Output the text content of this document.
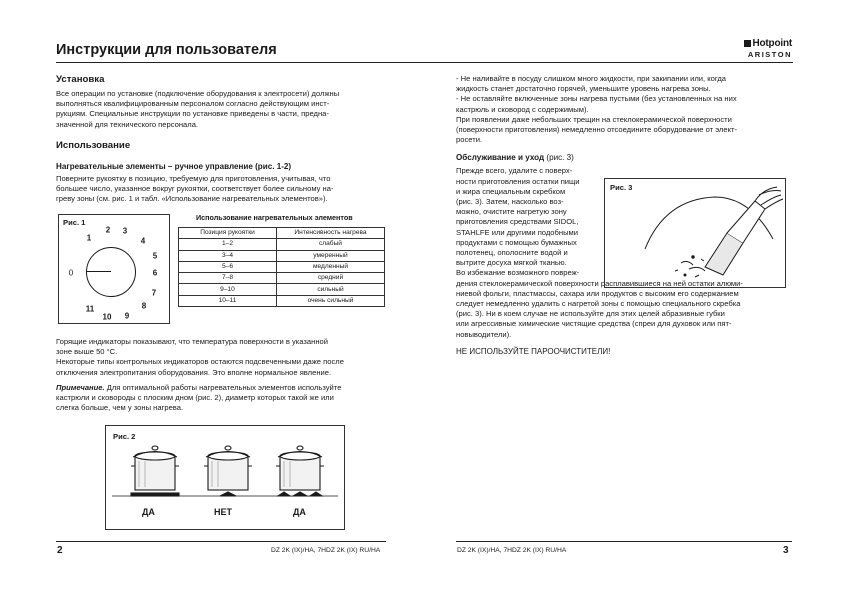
Инструкции для пользователя	Hotpoint
ARISTON
Установка

Все операции по установке (подключение оборудования к электросети) должны

выполняться квалифицированным персоналом согласно действующим инст-

рукциям. Специальные инструкции по установке приведены в части, предна-

значенной для технического персонала.

Использование
Нагревательные элементы – ручное управление (рис. 1-2)

Поверните рукоятку в позицию, требуемую для приготовления, учитывая, что

большее число, указанное вокруг рукоятки, соответствует более сильному на-

греву зоны (см. рис. 1 и табл. «Использование нагревательных элементов»).

Рис. 1
0
1
2 3
4
5
6
7
8
9
10
11
Использование нагревательных элементов
Позиция рукоятки	Интенсивность нагрева
1–2	слабый
3–4	умеренный
5–6	медленный
7–8	средний
9–10	сильный
10–11	очень сильный

Горящие индикаторы показывают, что температура поверхности в указанной

зоне выше 50 °C.

Некоторые типы контрольных индикаторов остаются подсвеченными даже после

отключения электропитания оборудования. Это вполне нормальное явление.

Примечание. Для оптимальной работы нагревательных элементов используйте

кастрюли и сковороды с плоским дном (рис. 2), диаметр которых такой же или

слегка больше, чем у зоны нагрева.

Рис. 2
ДА	НЕТ	ДА
2	DZ 2K (IX)/HA, 7HDZ 2K (IX) RU/HA

- Не наливайте в посуду слишком много жидкости, при закипании или, когда

жидкость станет достаточно горячей, уменьшите уровень нагрева зоны.

- Не оставляйте включенные зоны нагрева пустыми (без установленных на них

кастрюль и сковород с содержимым).

При появлении даже небольших трещин на стеклокерамической поверхности

(поверхности приготовления) немедленно отсоедините оборудование от элект-

росети.

Обслуживание и уход (рис. 3)

Прежде всего, удалите с поверх-

ности приготовления остатки пищи

и жира специальным скребком

(рис. 3). Затем, насколько воз-

можно, очистите нагретую зону

приготовления средствами SIDOL,

STAHLFE или другими подобными

продуктами с помощью бумажных

полотенец, ополосните водой и

вытрите досуха мягкой тканью.

Во избежание возможного повреж-

дения стеклокерамической поверхности расплавившиеся на ней остатки алюми-

ниевой фольги, пластмассы, сахара или продуктов с высоким его содержанием

следует немедленно удалить с нагретой зоны с помощью специального скребка

(рис. 3). Ни в коем случае не используйте для этих целей абразивные губки

или агрессивные химические чистящие средства (спреи для духовок или пят-

новыводители).

НЕ ИСПОЛЬЗУЙТЕ ПАРООЧИСТИТЕЛИ!

Рис. 3
DZ 2K (IX)/HA, 7HDZ 2K (IX) RU/HA	3
